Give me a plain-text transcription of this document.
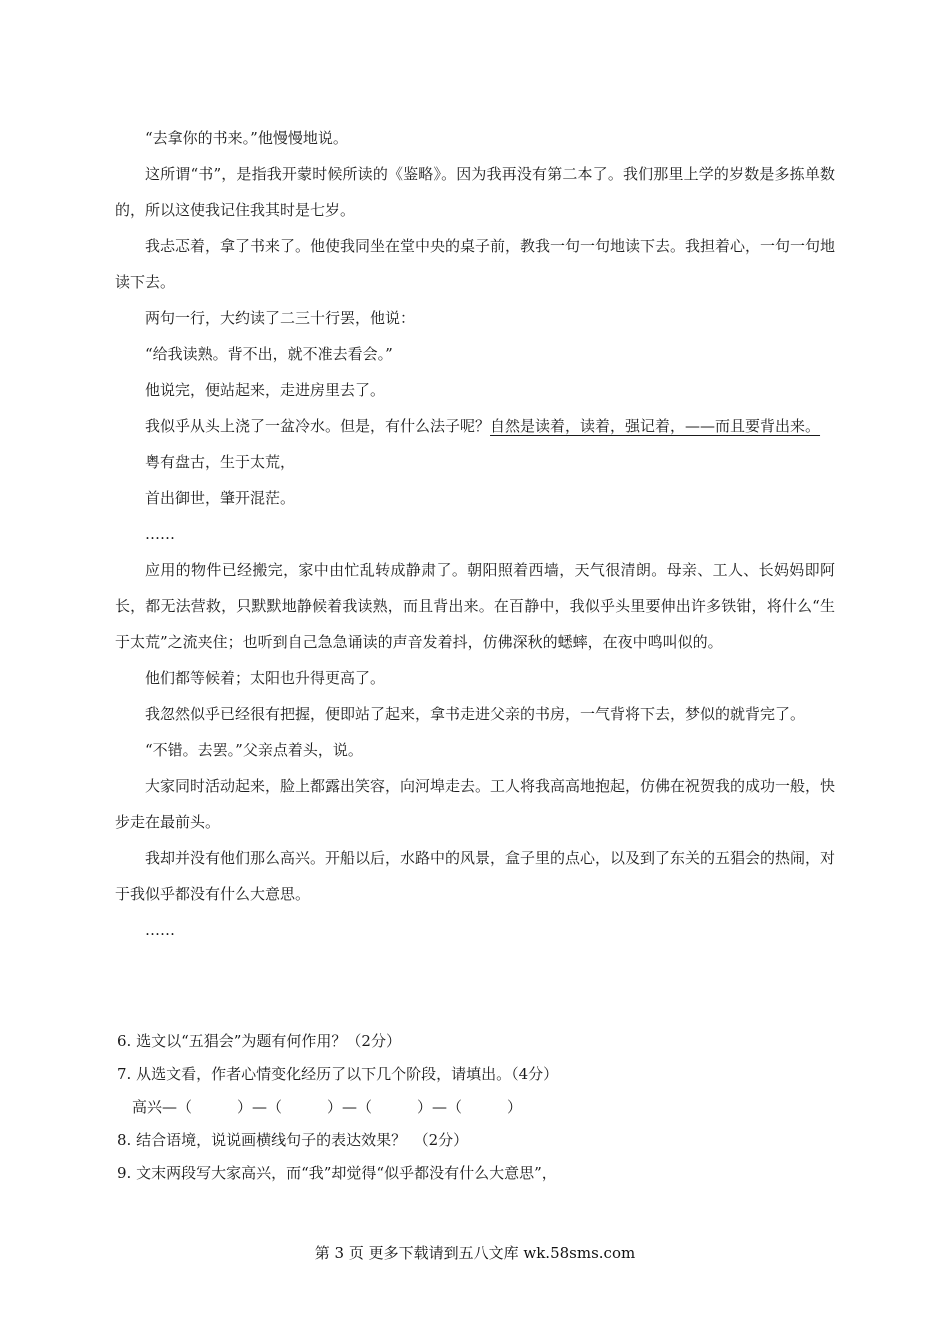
“去拿你的书来。”他慢慢地说。

这所谓“书”，是指我开蒙时候所读的《鉴略》。因为我再没有第二本了。我们那里上学的岁数是多拣单数的，所以这使我记住我其时是七岁。

我忐忑着，拿了书来了。他使我同坐在堂中央的桌子前，教我一句一句地读下去。我担着心，一句一句地读下去。

两句一行，大约读了二三十行罢，他说：

“给我读熟。背不出，就不准去看会。”

他说完，便站起来，走进房里去了。

我似乎从头上浇了一盆冷水。但是，有什么法子呢？自然是读着，读着，强记着，——而且要背出来。

粤有盘古，生于太荒，

首出御世，肇开混茫。

……

应用的物件已经搬完，家中由忙乱转成静肃了。朝阳照着西墙，天气很清朗。母亲、工人、长妈妈即阿长，都无法营救，只默默地静候着我读熟，而且背出来。在百静中，我似乎头里要伸出许多铁钳，将什么“生于太荒”之流夹住；也听到自己急急诵读的声音发着抖，仿佛深秋的蟋蟀，在夜中鸣叫似的。

他们都等候着；太阳也升得更高了。

我忽然似乎已经很有把握，便即站了起来，拿书走进父亲的书房，一气背将下去，梦似的就背完了。

“不错。去罢。”父亲点着头，说。

大家同时活动起来，脸上都露出笑容，向河埠走去。工人将我高高地抱起，仿佛在祝贺我的成功一般，快步走在最前头。

我却并没有他们那么高兴。开船以后，水路中的风景，盒子里的点心，以及到了东关的五猖会的热闹，对于我似乎都没有什么大意思。

……

6. 选文以“五猖会”为题有何作用？（2分）

7. 从选文看，作者心情变化经历了以下几个阶段，请填出。（4分）

高兴—（　　　）—（　　　）—（　　　）—（　　　）

8. 结合语境，说说画横线句子的表达效果？　（2分）

9. 文末两段写大家高兴，而“我”却觉得“似乎都没有什么大意思”，

第 3 页 更多下载请到五八文库 wk.58sms.com
